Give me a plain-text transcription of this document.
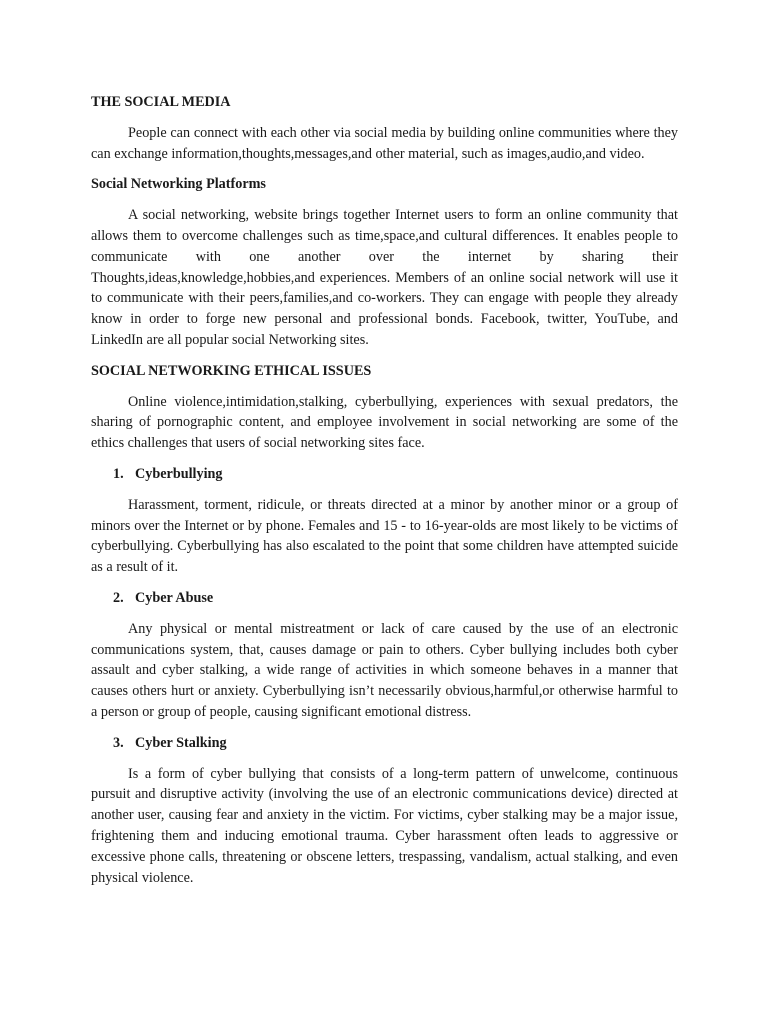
THE SOCIAL MEDIA

People can connect with each other via social media by building online communities where they can exchange information,thoughts,messages,and other material, such as images,audio,and video.

Social Networking Platforms

A social networking, website brings together Internet users to form an online community that allows them to overcome challenges such as time,space,and cultural differences. It enables people to communicate with one another over the internet by sharing their Thoughts,ideas,knowledge,hobbies,and experiences. Members of an online social network will use it to communicate with their peers,families,and co-workers. They can engage with people they already know in order to forge new personal and professional bonds. Facebook, twitter, YouTube, and LinkedIn are all popular social Networking sites.

SOCIAL NETWORKING ETHICAL ISSUES

Online violence,intimidation,stalking, cyberbullying, experiences with sexual predators, the sharing of pornographic content, and employee involvement in social networking are some of the ethics challenges that users of social networking sites face.

1. Cyberbullying

Harassment, torment, ridicule, or threats directed at a minor by another minor or a group of minors over the Internet or by phone. Females and 15 - to 16-year-olds are most likely to be victims of cyberbullying. Cyberbullying has also escalated to the point that some children have attempted suicide as a result of it.

2. Cyber Abuse

Any physical or mental mistreatment or lack of care caused by the use of an electronic communications system, that, causes damage or pain to others. Cyber bullying includes both cyber assault and cyber stalking, a wide range of activities in which someone behaves in a manner that causes others hurt or anxiety. Cyberbullying isn’t necessarily obvious,harmful,or otherwise harmful to a person or group of people, causing significant emotional distress.

3. Cyber Stalking

Is a form of cyber bullying that consists of a long-term pattern of unwelcome, continuous pursuit and disruptive activity (involving the use of an electronic communications device) directed at another user, causing fear and anxiety in the victim. For victims, cyber stalking may be a major issue, frightening them and inducing emotional trauma. Cyber harassment often leads to aggressive or excessive phone calls, threatening or obscene letters, trespassing, vandalism, actual stalking, and even physical violence.
